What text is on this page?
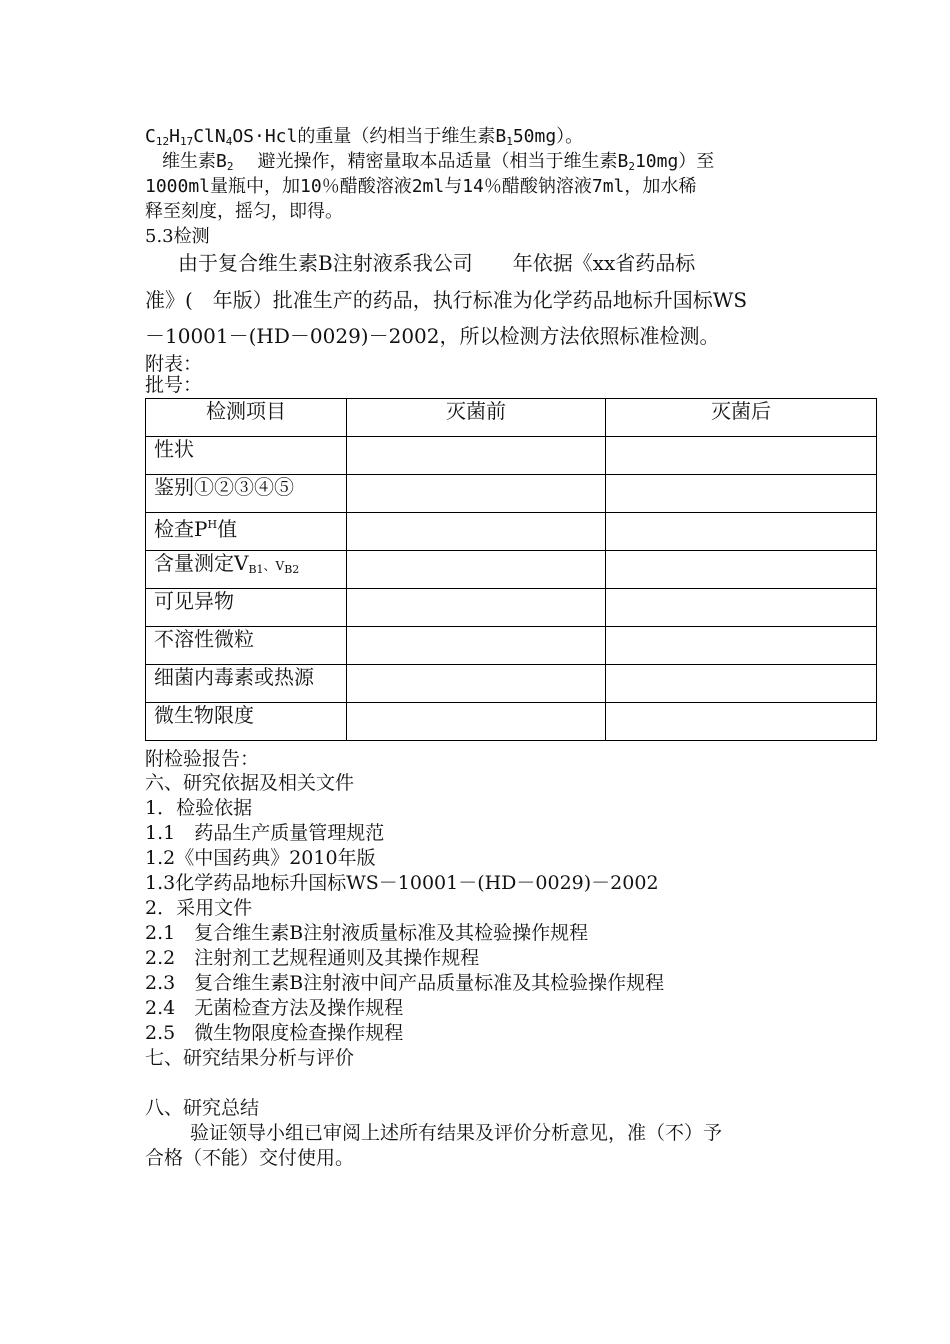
$C_{12}H_{17}ClN_4OS\cdot Hcl$的重量（约相当于维生素$B_150mg$）。
维生素$B_2$ 避光操作，精密量取本品适量（相当于维生素$B_210mg$）至
1000ml量瓶中，加10％醋酸溶液2ml与14％醋酸钠溶液7ml，加水稀
释至刻度，摇匀，即得。
5.3检测
由于复合维生素B注射液系我公司　　年依据《xx省药品标
准》(　年版）批准生产的药品，执行标准为化学药品地标升国标WS
－10001－(HD－0029)－2002，所以检测方法依照标准检测。
附表：
批号：
检测项目	灭菌前	灭菌后
性状		
鉴别①②③④⑤		
检查$P^H$值		
含量测定$V_{B1}$、$V_{B2}$		
可见异物		
不溶性微粒		
细菌内毒素或热源		
微生物限度		
附检验报告：
六、研究依据及相关文件
1．检验依据
1.1　药品生产质量管理规范
1.2《中国药典》2010年版
1.3化学药品地标升国标WS－10001－(HD－0029)－2002
2．采用文件
2.1　复合维生素B注射液质量标准及其检验操作规程
2.2　注射剂工艺规程通则及其操作规程
2.3　复合维生素B注射液中间产品质量标准及其检验操作规程
2.4　无菌检查方法及操作规程
2.5　微生物限度检查操作规程
七、研究结果分析与评价
八、研究总结
验证领导小组已审阅上述所有结果及评价分析意见，准（不）予
合格（不能）交付使用。
